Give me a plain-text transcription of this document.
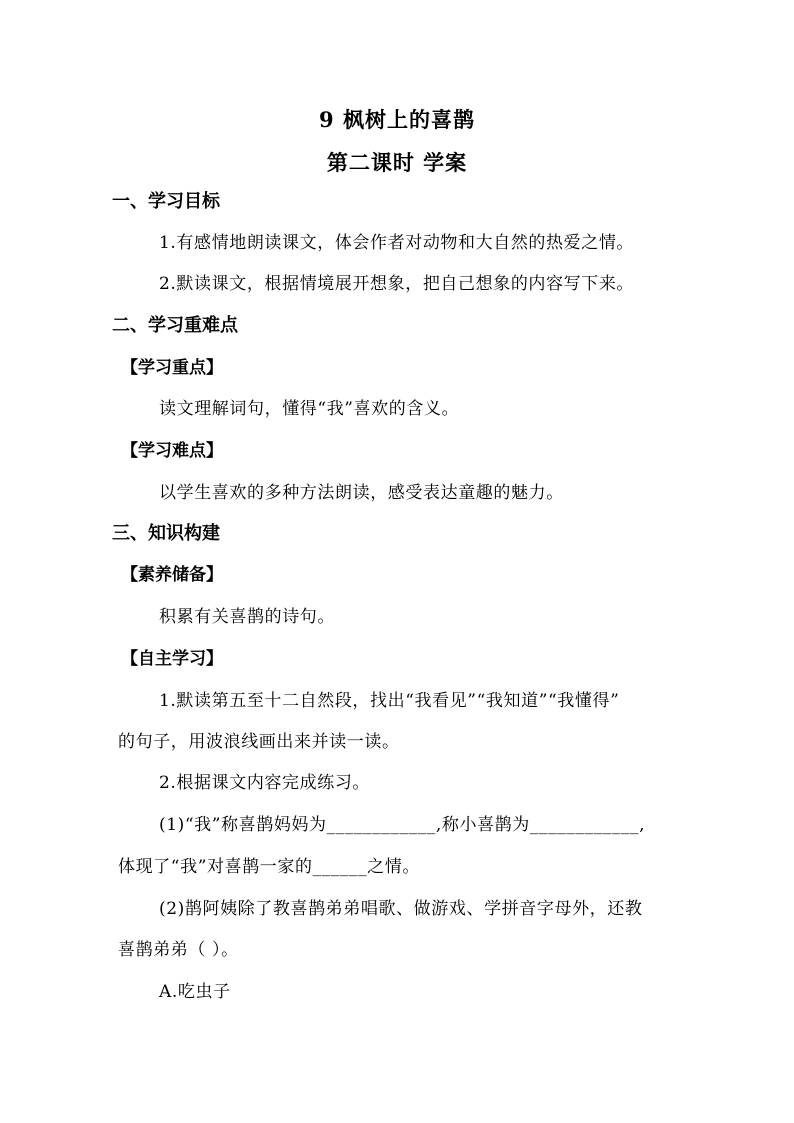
9 枫树上的喜鹊
第二课时 学案
一、学习目标
1.有感情地朗读课文，体会作者对动物和大自然的热爱之情。
2.默读课文，根据情境展开想象，把自己想象的内容写下来。
二、学习重难点
【学习重点】
读文理解词句，懂得“我”喜欢的含义。
【学习难点】
以学生喜欢的多种方法朗读，感受表达童趣的魅力。
三、知识构建
【素养储备】
积累有关喜鹊的诗句。
【自主学习】
1.默读第五至十二自然段，找出“我看见”“我知道”“我懂得”
的句子，用波浪线画出来并读一读。
2.根据课文内容完成练习。
(1)“我”称喜鹊妈妈为____________,称小喜鹊为____________,
体现了“我”对喜鹊一家的______之情。
(2)鹊阿姨除了教喜鹊弟弟唱歌、做游戏、学拼音字母外，还教
喜鹊弟弟（ ）。
A.吃虫子
